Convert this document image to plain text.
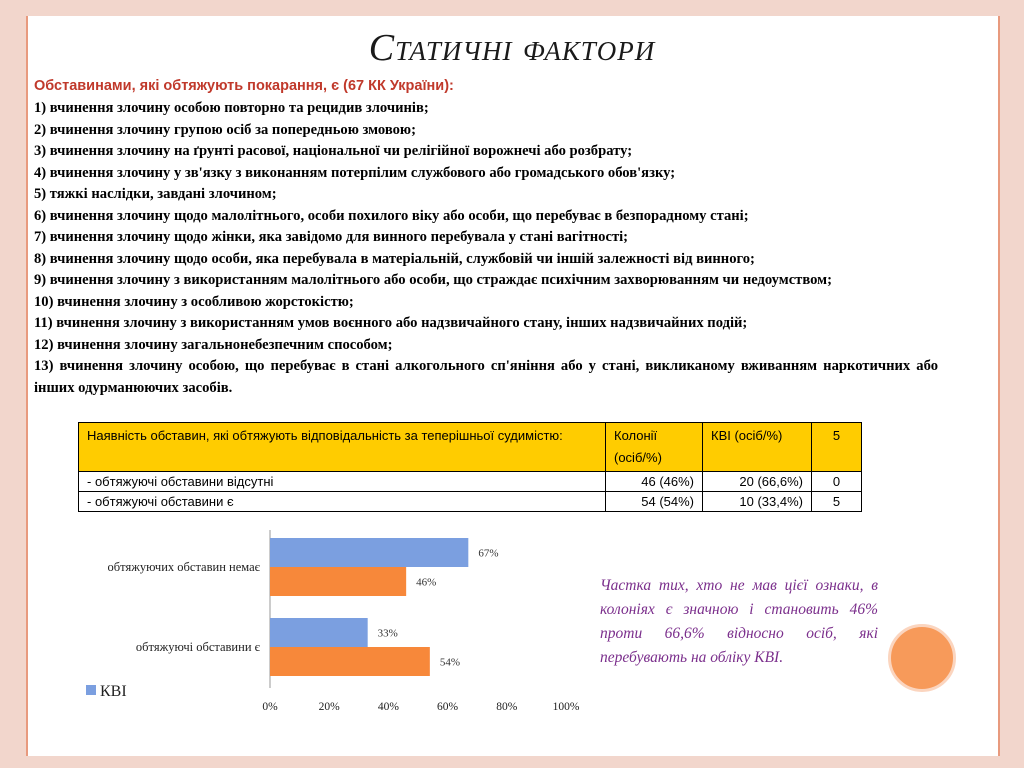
Статичні фактори
Обставинами, які обтяжують покарання, є (67 КК України):
1) вчинення злочину особою повторно та рецидив злочинів;
2) вчинення злочину групою осіб за попередньою змовою;
3) вчинення злочину на ґрунті расової, національної чи релігійної ворожнечі або розбрату;
4) вчинення злочину у зв'язку з виконанням потерпілим службового або громадського обов'язку;
5) тяжкі наслідки, завдані злочином;
6) вчинення злочину щодо малолітнього, особи похилого віку або особи, що перебуває в безпорадному стані;
7) вчинення злочину щодо жінки, яка завідомо для винного перебувала у стані вагітності;
8) вчинення злочину щодо особи, яка перебувала в матеріальній, службовій чи іншій залежності від винного;
9) вчинення злочину з використанням малолітнього або особи, що страждає психічним захворюванням чи недоумством;
10) вчинення злочину з особливою жорстокістю;
11) вчинення злочину з використанням умов воєнного або надзвичайного стану, інших надзвичайних подій;
12) вчинення злочину загальнонебезпечним способом;
13) вчинення злочину особою, що перебуває в стані алкогольного сп'яніння або у стані, викликаному вживанням наркотичних або інших одурманюючих засобів.
Наявність обставин, які обтяжують відповідальність за теперішньої судимістю:	Колонії (осіб/%)	КВІ (осіб/%)	5
- обтяжуючі обставини відсутні	46 (46%)	20 (66,6%)	0
- обтяжуючі обставини є	54 (54%)	10 (33,4%)	5
67%
46%
обтяжуючих обставин немає
33%
54%
обтяжуючі обставини є
0%	20%	40%	60%	80%	100%
КВІ
Частка тих, хто не мав цієї ознаки, в колоніях є значною і становить 46% проти 66,6% відносно осіб, які перебувають на обліку КВІ.
